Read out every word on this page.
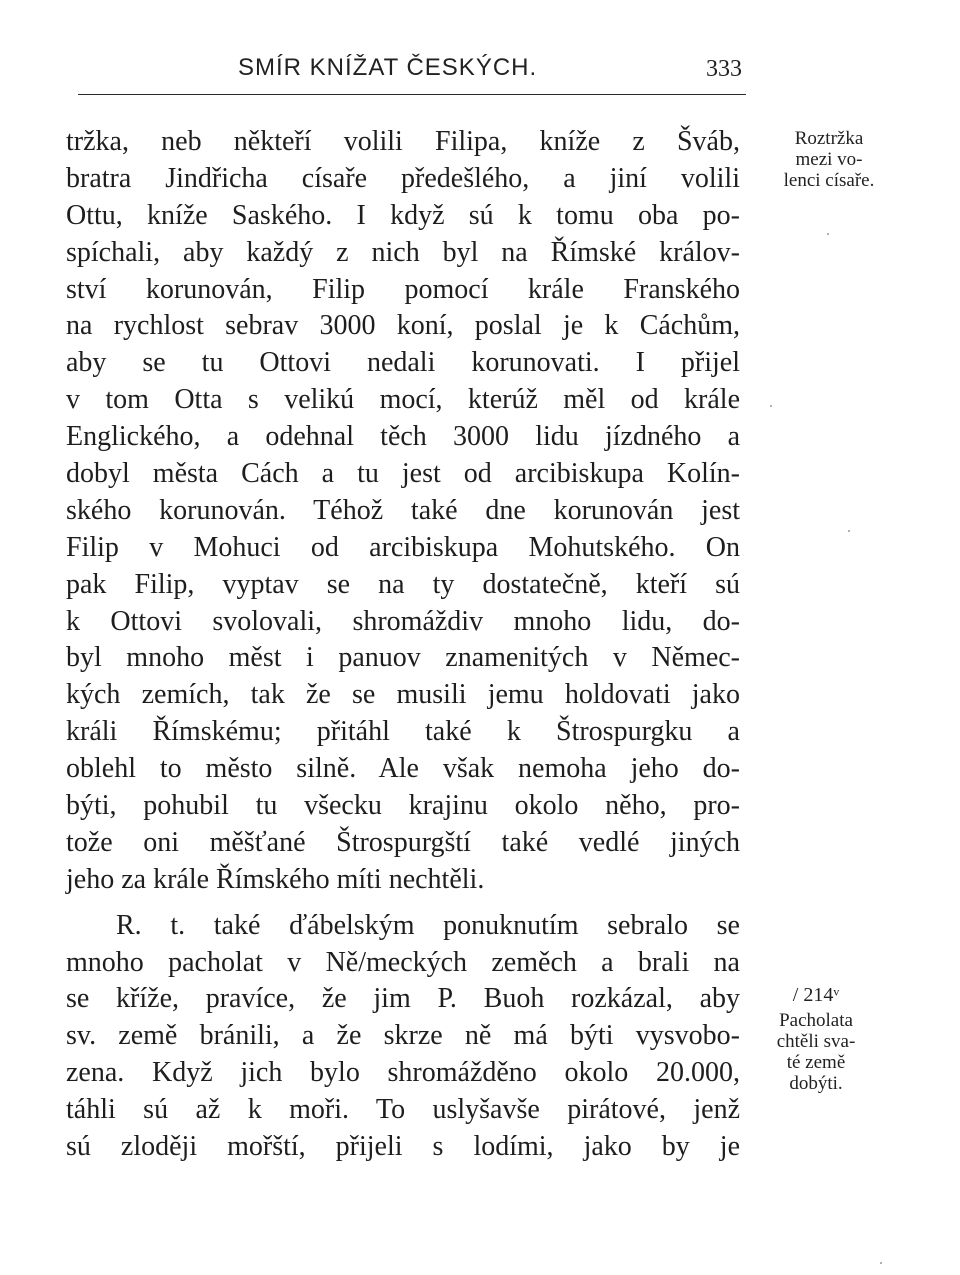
SMÍR KNÍŽAT ČESKÝCH.	333
tržka, neb někteří volili Filipa, kníže z Šváb,
bratra Jindřicha císaře předešlého, a jiní volili
Ottu, kníže Saského. I když sú k tomu oba po-
spíchali, aby každý z nich byl na Římské králov-
ství korunován, Filip pomocí krále Franského
na rychlost sebrav 3000 koní, poslal je k Cáchům,
aby se tu Ottovi nedali korunovati. I přijel
v tom Otta s velikú mocí, kterúž měl od krále
Englického, a odehnal těch 3000 lidu jízdného a
dobyl města Cách a tu jest od arcibiskupa Kolín-
ského korunován. Téhož také dne korunován jest
Filip v Mohuci od arcibiskupa Mohutského. On
pak Filip, vyptav se na ty dostatečně, kteří sú
k Ottovi svolovali, shromáždiv mnoho lidu, do-
byl mnoho měst i panuov znamenitých v Němec-
kých zemích, tak že se musili jemu holdovati jako
králi Římskému; přitáhl také k Štrospurgku a
oblehl to město silně. Ale však nemoha jeho do-
býti, pohubil tu všecku krajinu okolo něho, pro-
tože oni měšťané Štrospurgští také vedlé jiných
jeho za krále Římského míti nechtěli.
R. t. také ďábelským ponuknutím sebralo se
mnoho pacholat v Ně/meckých zeměch a brali na
se kříže, pravíce, že jim P. Buoh rozkázal, aby
sv. země bránili, a že skrze ně má býti vysvobo-
zena. Když jich bylo shromážděno okolo 20.000,
táhli sú až k moři. To uslyšavše pirátové, jenž
sú zloději mořští, přijeli s lodími, jako by je
Roztržka
mezi vo-
lenci císaře.
/ 214ᵛ
Pacholata
chtěli sva-
té země
dobýti.
